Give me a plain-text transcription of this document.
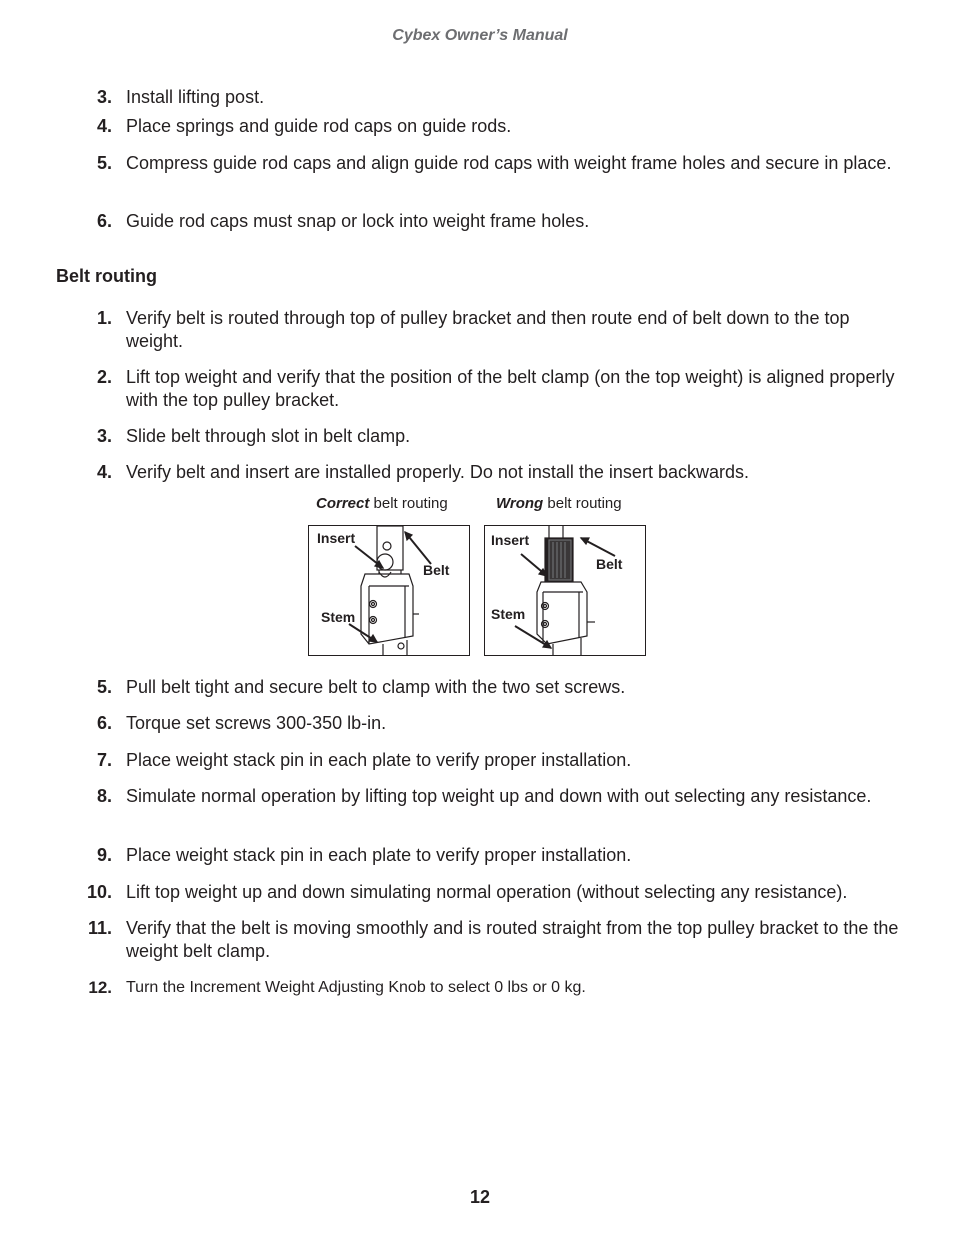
Cybex Owner’s Manual
3. Install lifting post.
4. Place springs and guide rod caps on guide rods.
5. Compress guide rod caps and align guide rod caps with weight frame holes and secure in place.
6. Guide rod caps must snap or lock into weight frame holes.
Belt routing
1. Verify belt is routed through top of pulley bracket and then route end of belt down to the top weight.
2. Lift top weight and verify that the position of the belt clamp (on the top weight) is aligned properly with the top pulley bracket.
3. Slide belt through slot in belt clamp.
4. Verify belt and insert are installed properly. Do not install the insert backwards.
Correct belt routing	Wrong belt routing
Insert
Belt
Stem
Insert
Belt
Stem
5. Pull belt tight and secure belt to clamp with the two set screws.
6. Torque set screws 300-350 lb-in.
7. Place weight stack pin in each plate to verify proper installation.
8. Simulate normal operation by lifting top weight up and down with out selecting any resistance.
9. Place weight stack pin in each plate to verify proper installation.
10. Lift top weight up and down simulating normal operation (without selecting any resistance).
11. Verify that the belt is moving smoothly and is routed straight from the top pulley bracket to the the weight belt clamp.
12. Turn the Increment Weight Adjusting Knob to select 0 lbs or 0 kg.
12
